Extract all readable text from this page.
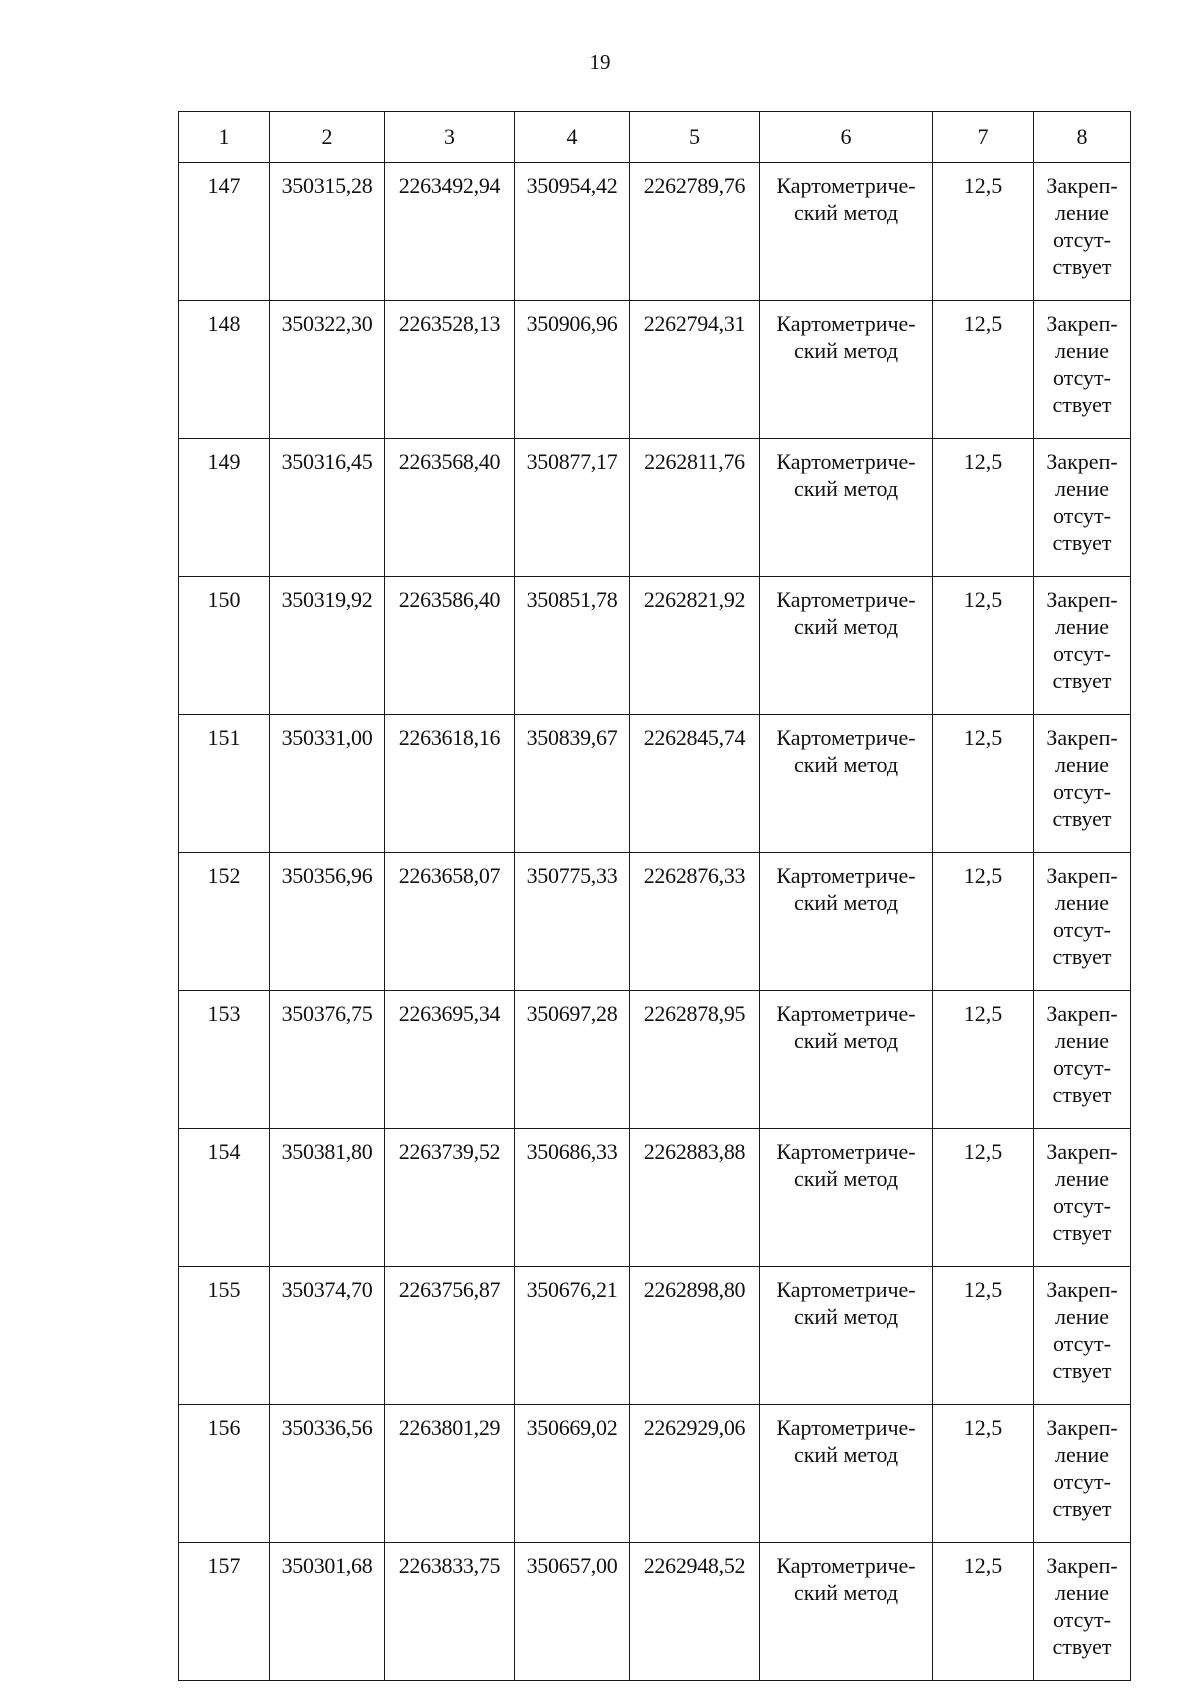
19
1	2	3	4	5	6	7	8
147	350315,28	2263492,94	350954,42	2262789,76	Картометриче-
ский метод	12,5	Закреп-
ление
отсут-
ствует
148	350322,30	2263528,13	350906,96	2262794,31	Картометриче-
ский метод	12,5	Закреп-
ление
отсут-
ствует
149	350316,45	2263568,40	350877,17	2262811,76	Картометриче-
ский метод	12,5	Закреп-
ление
отсут-
ствует
150	350319,92	2263586,40	350851,78	2262821,92	Картометриче-
ский метод	12,5	Закреп-
ление
отсут-
ствует
151	350331,00	2263618,16	350839,67	2262845,74	Картометриче-
ский метод	12,5	Закреп-
ление
отсут-
ствует
152	350356,96	2263658,07	350775,33	2262876,33	Картометриче-
ский метод	12,5	Закреп-
ление
отсут-
ствует
153	350376,75	2263695,34	350697,28	2262878,95	Картометриче-
ский метод	12,5	Закреп-
ление
отсут-
ствует
154	350381,80	2263739,52	350686,33	2262883,88	Картометриче-
ский метод	12,5	Закреп-
ление
отсут-
ствует
155	350374,70	2263756,87	350676,21	2262898,80	Картометриче-
ский метод	12,5	Закреп-
ление
отсут-
ствует
156	350336,56	2263801,29	350669,02	2262929,06	Картометриче-
ский метод	12,5	Закреп-
ление
отсут-
ствует
157	350301,68	2263833,75	350657,00	2262948,52	Картометриче-
ский метод	12,5	Закреп-
ление
отсут-
ствует
